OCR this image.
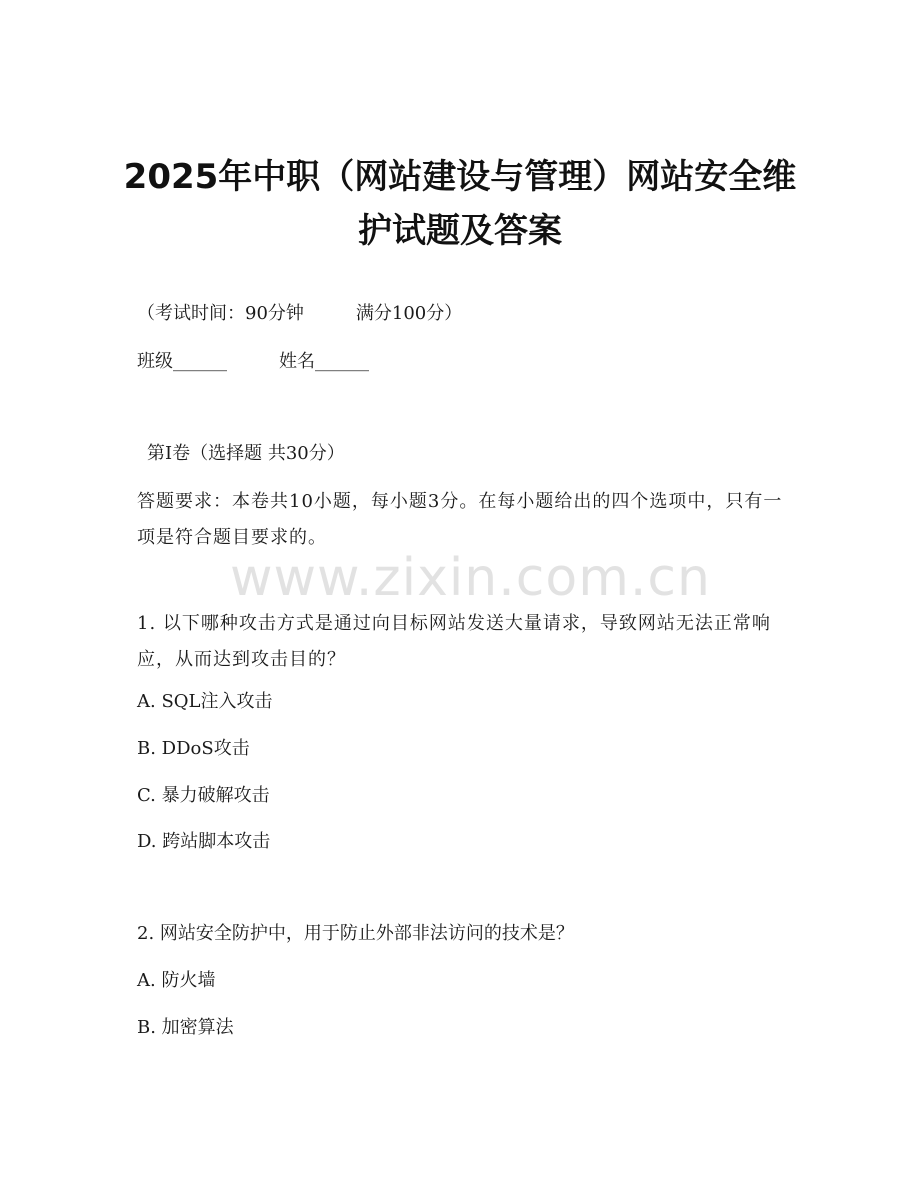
2025年中职（网站建设与管理）网站安全维
护试题及答案
（考试时间：90分钟	满分100分）
班级______	姓名______
第Ⅰ卷（选择题 共30分）
答题要求：本卷共10小题，每小题3分。在每小题给出的四个选项中，只有一项是符合题目要求的。
www.zixin.com.cn
1. 以下哪种攻击方式是通过向目标网站发送大量请求，导致网站无法正常响应，从而达到攻击目的？
A. SQL注入攻击
B. DDoS攻击
C. 暴力破解攻击
D. 跨站脚本攻击
2. 网站安全防护中，用于防止外部非法访问的技术是？
A. 防火墙
B. 加密算法
